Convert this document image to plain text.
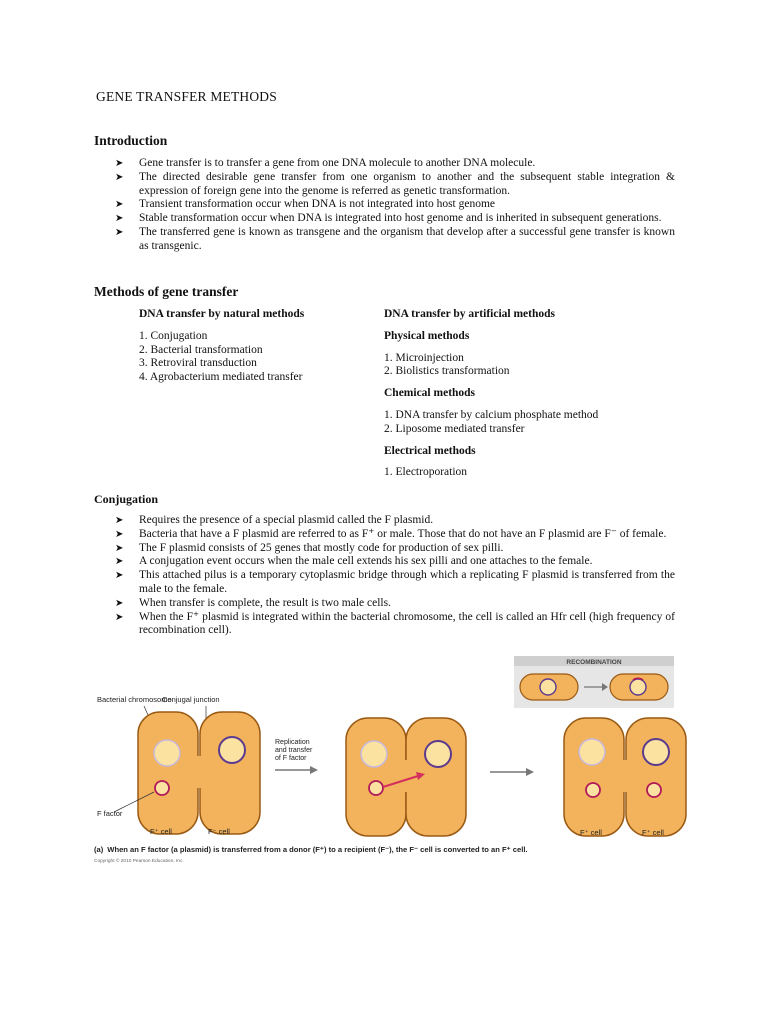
GENE TRANSFER METHODS
Introduction
➤ Gene transfer is to transfer a gene from one DNA molecule to another DNA molecule.
➤ The directed desirable gene transfer from one organism to another and the subsequent stable integration & expression of foreign gene into the genome is referred as genetic transformation.
➤ Transient transformation occur when DNA is not integrated into host genome
➤ Stable transformation occur when DNA is integrated into host genome and is inherited in subsequent generations.
➤ The transferred gene is known as transgene and the organism that develop after a successful gene transfer is known as transgenic.
Methods of gene transfer
DNA transfer by natural methods
1. Conjugation
2. Bacterial transformation
3. Retroviral transduction
4. Agrobacterium mediated transfer
DNA transfer by artificial methods
Physical methods
1. Microinjection
2. Biolistics transformation
Chemical methods
1. DNA transfer by calcium phosphate method
2. Liposome mediated transfer
Electrical methods
1. Electroporation
Conjugation
➤ Requires the presence of a special plasmid called the F plasmid.
➤ Bacteria that have a F plasmid are referred to as F⁺ or male. Those that do not have an F plasmid are F⁻ of female.
➤ The F plasmid consists of 25 genes that mostly code for production of sex pilli.
➤ A conjugation event occurs when the male cell extends his sex pilli and one attaches to the female.
➤ This attached pilus is a temporary cytoplasmic bridge through which a replicating F plasmid is transferred from the male to the female.
➤ When transfer is complete, the result is two male cells.
➤ When the F⁺ plasmid is integrated within the bacterial chromosome, the cell is called an Hfr cell (high frequency of recombination cell).
RECOMBINATION
Bacterial chromosome
Conjugal junction
F factor
F⁺ cell	F⁻ cell
Replication and transfer of F factor
F⁺ cell	F⁺ cell
(a) When an F factor (a plasmid) is transferred from a donor (F⁺) to a recipient (F⁻), the F⁻ cell is converted to an F⁺ cell.
Copyright © 2010 Pearson Education, Inc.
